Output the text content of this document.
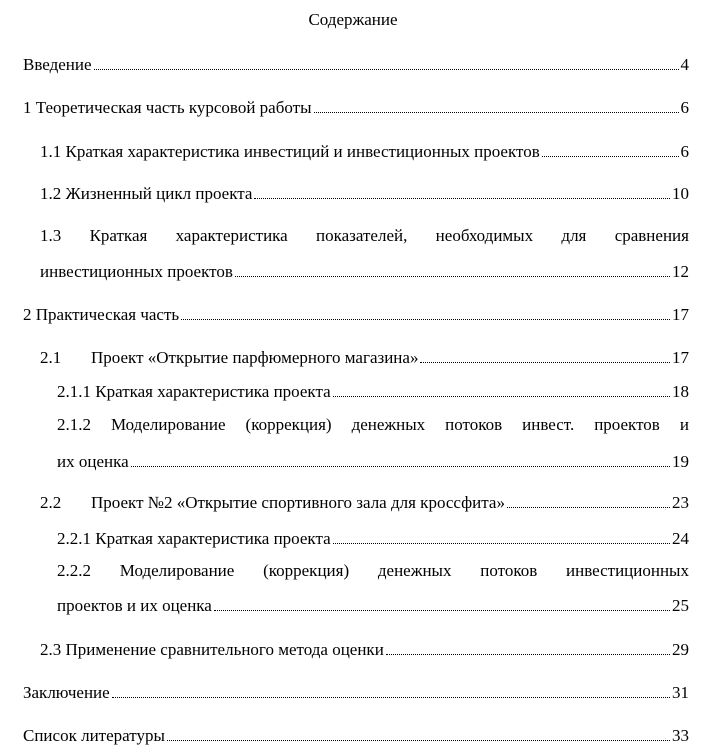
Содержание
Введение	4
1 Теоретическая часть курсовой работы	6
1.1 Краткая характеристика инвестиций и инвестиционных проектов	6
1.2 Жизненный цикл проекта	10
1.3 Краткая характеристика показателей, необходимых для сравнения
инвестиционных проектов	12
2 Практическая часть	17
2.1 Проект «Открытие парфюмерного магазина»	17
2.1.1 Краткая характеристика проекта	18
2.1.2 Моделирование (коррекция) денежных потоков инвест. проектов и
их оценка	19
2.2 Проект №2 «Открытие спортивного зала для кроссфита»	23
2.2.1 Краткая характеристика проекта	24
2.2.2 Моделирование (коррекция) денежных потоков инвестиционных
проектов и их оценка	25
2.3 Применение сравнительного метода оценки	29
Заключение	31
Список литературы	33
